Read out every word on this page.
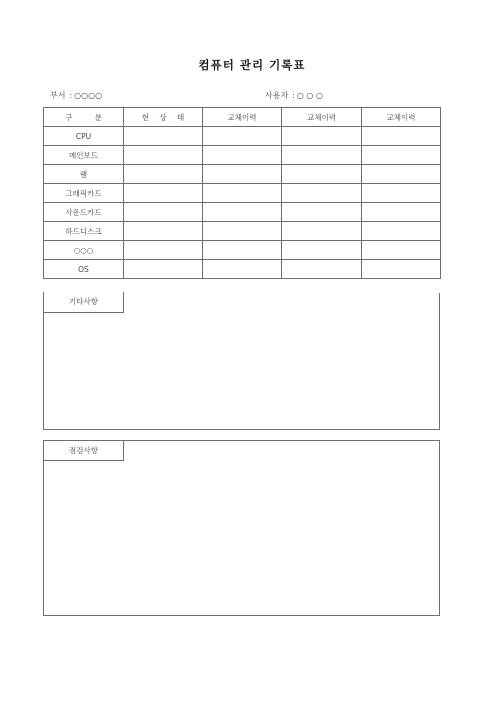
컴퓨터 관리 기록표
부서 : ○○○○	사용자 : ○ ○ ○
구 분	현 상 태	교체이력	교체이력	교체이력
CPU				
메인보드				
램				
그래픽카드				
사운드카드				
하드디스크				
○○○				
OS				
기타사항
점검사항
